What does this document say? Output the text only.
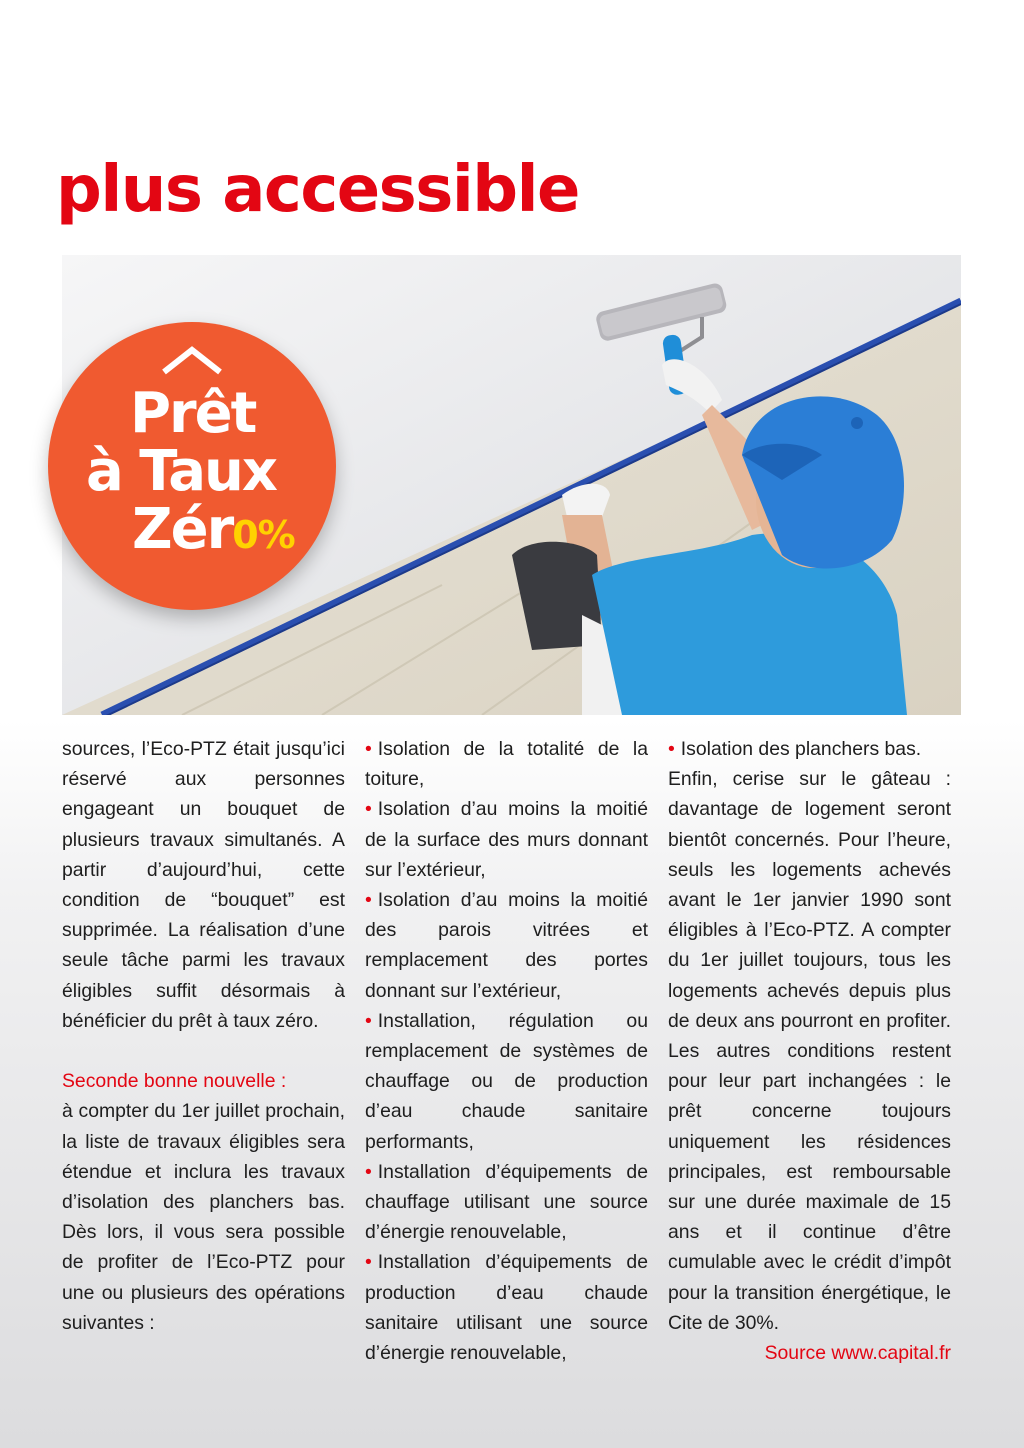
plus accessible
Prêt
à Taux
Zér0%

sources, l’Eco-PTZ était jusqu’ici réservé aux personnes engageant un bouquet de plusieurs travaux simultanés. A partir d’aujourd’hui, cette condition de “bouquet” est supprimée. La réalisation d’une seule tâche parmi les travaux éligibles suffit désormais à bénéficier du prêt à taux zéro.

Seconde bonne nouvelle :

à compter du 1er juillet prochain, la liste de travaux éligibles sera étendue et inclura les travaux d’isolation des planchers bas. Dès lors, il vous sera possible de profiter de l’Eco-PTZ pour une ou plusieurs des opérations suivantes :

• Isolation de la totalité de la toiture,

• Isolation d’au moins la moitié de la surface des murs donnant sur l’extérieur,

• Isolation d’au moins la moitié des parois vitrées et remplacement des portes donnant sur l’extérieur,

• Installation, régulation ou remplacement de systèmes de chauffage ou de production d’eau chaude sanitaire performants,

• Installation d’équipements de chauffage utilisant une source d’énergie renouvelable,

• Installation d’équipements de production d’eau chaude sanitaire utilisant une source d’énergie renouvelable,

• Isolation des planchers bas.

Enfin, cerise sur le gâteau : davantage de logement seront bientôt concernés. Pour l’heure, seuls les logements achevés avant le 1er janvier 1990 sont éligibles à l’Eco-PTZ. A compter du 1er juillet toujours, tous les logements achevés depuis plus de deux ans pourront en profiter. Les autres conditions restent pour leur part inchangées : le prêt concerne toujours uniquement les résidences principales, est remboursable sur une durée maximale de 15 ans et il continue d’être cumulable avec le crédit d’impôt pour la transition énergétique, le Cite de 30%.

Source www.capital.fr
